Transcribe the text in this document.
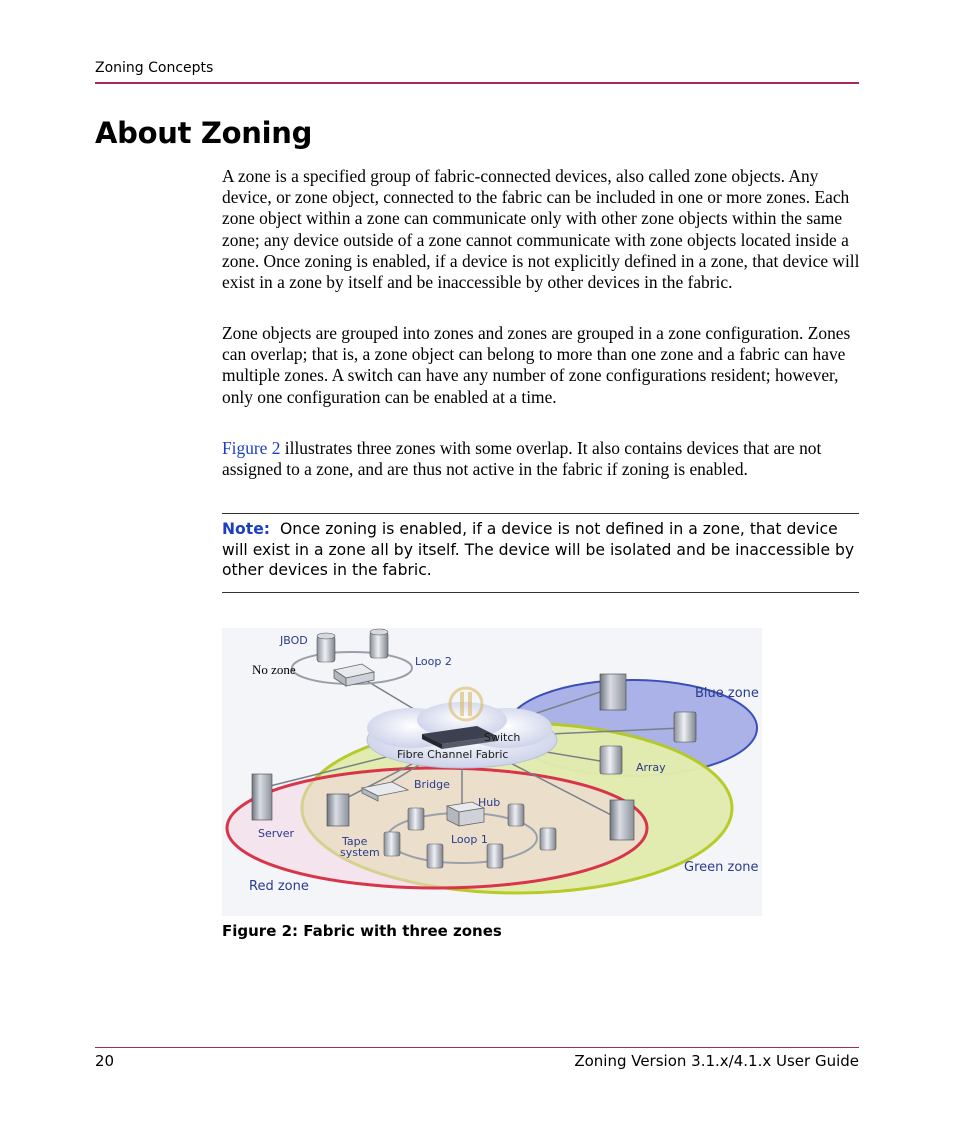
Zoning Concepts
About Zoning

A zone is a specified group of fabric-connected devices, also called zone objects. Any device, or zone object, connected to the fabric can be included in one or more zones. Each zone object within a zone can communicate only with other zone objects within the same zone; any device outside of a zone cannot communicate with zone objects located inside a zone. Once zoning is enabled, if a device is not explicitly defined in a zone, that device will exist in a zone by itself and be inaccessible by other devices in the fabric.

Zone objects are grouped into zones and zones are grouped in a zone configuration. Zones can overlap; that is, a zone object can belong to more than one zone and a fabric can have multiple zones. A switch can have any number of zone configurations resident; however, only one configuration can be enabled at a time.

Figure 2 illustrates three zones with some overlap. It also contains devices that are not assigned to a zone, and are thus not active in the fabric if zoning is enabled.

Note: Once zoning is enabled, if a device is not defined in a zone, that device will exist in a zone all by itself. The device will be isolated and be inaccessible by other devices in the fabric.

JBOD
No zone
Loop 2
Blue zone
Switch
Fibre Channel Fabric
Array
Bridge
Hub
Server
Tape
system
Loop 1
Green zone
Red zone
Figure 2: Fabric with three zones
20	Zoning Version 3.1.x/4.1.x User Guide
